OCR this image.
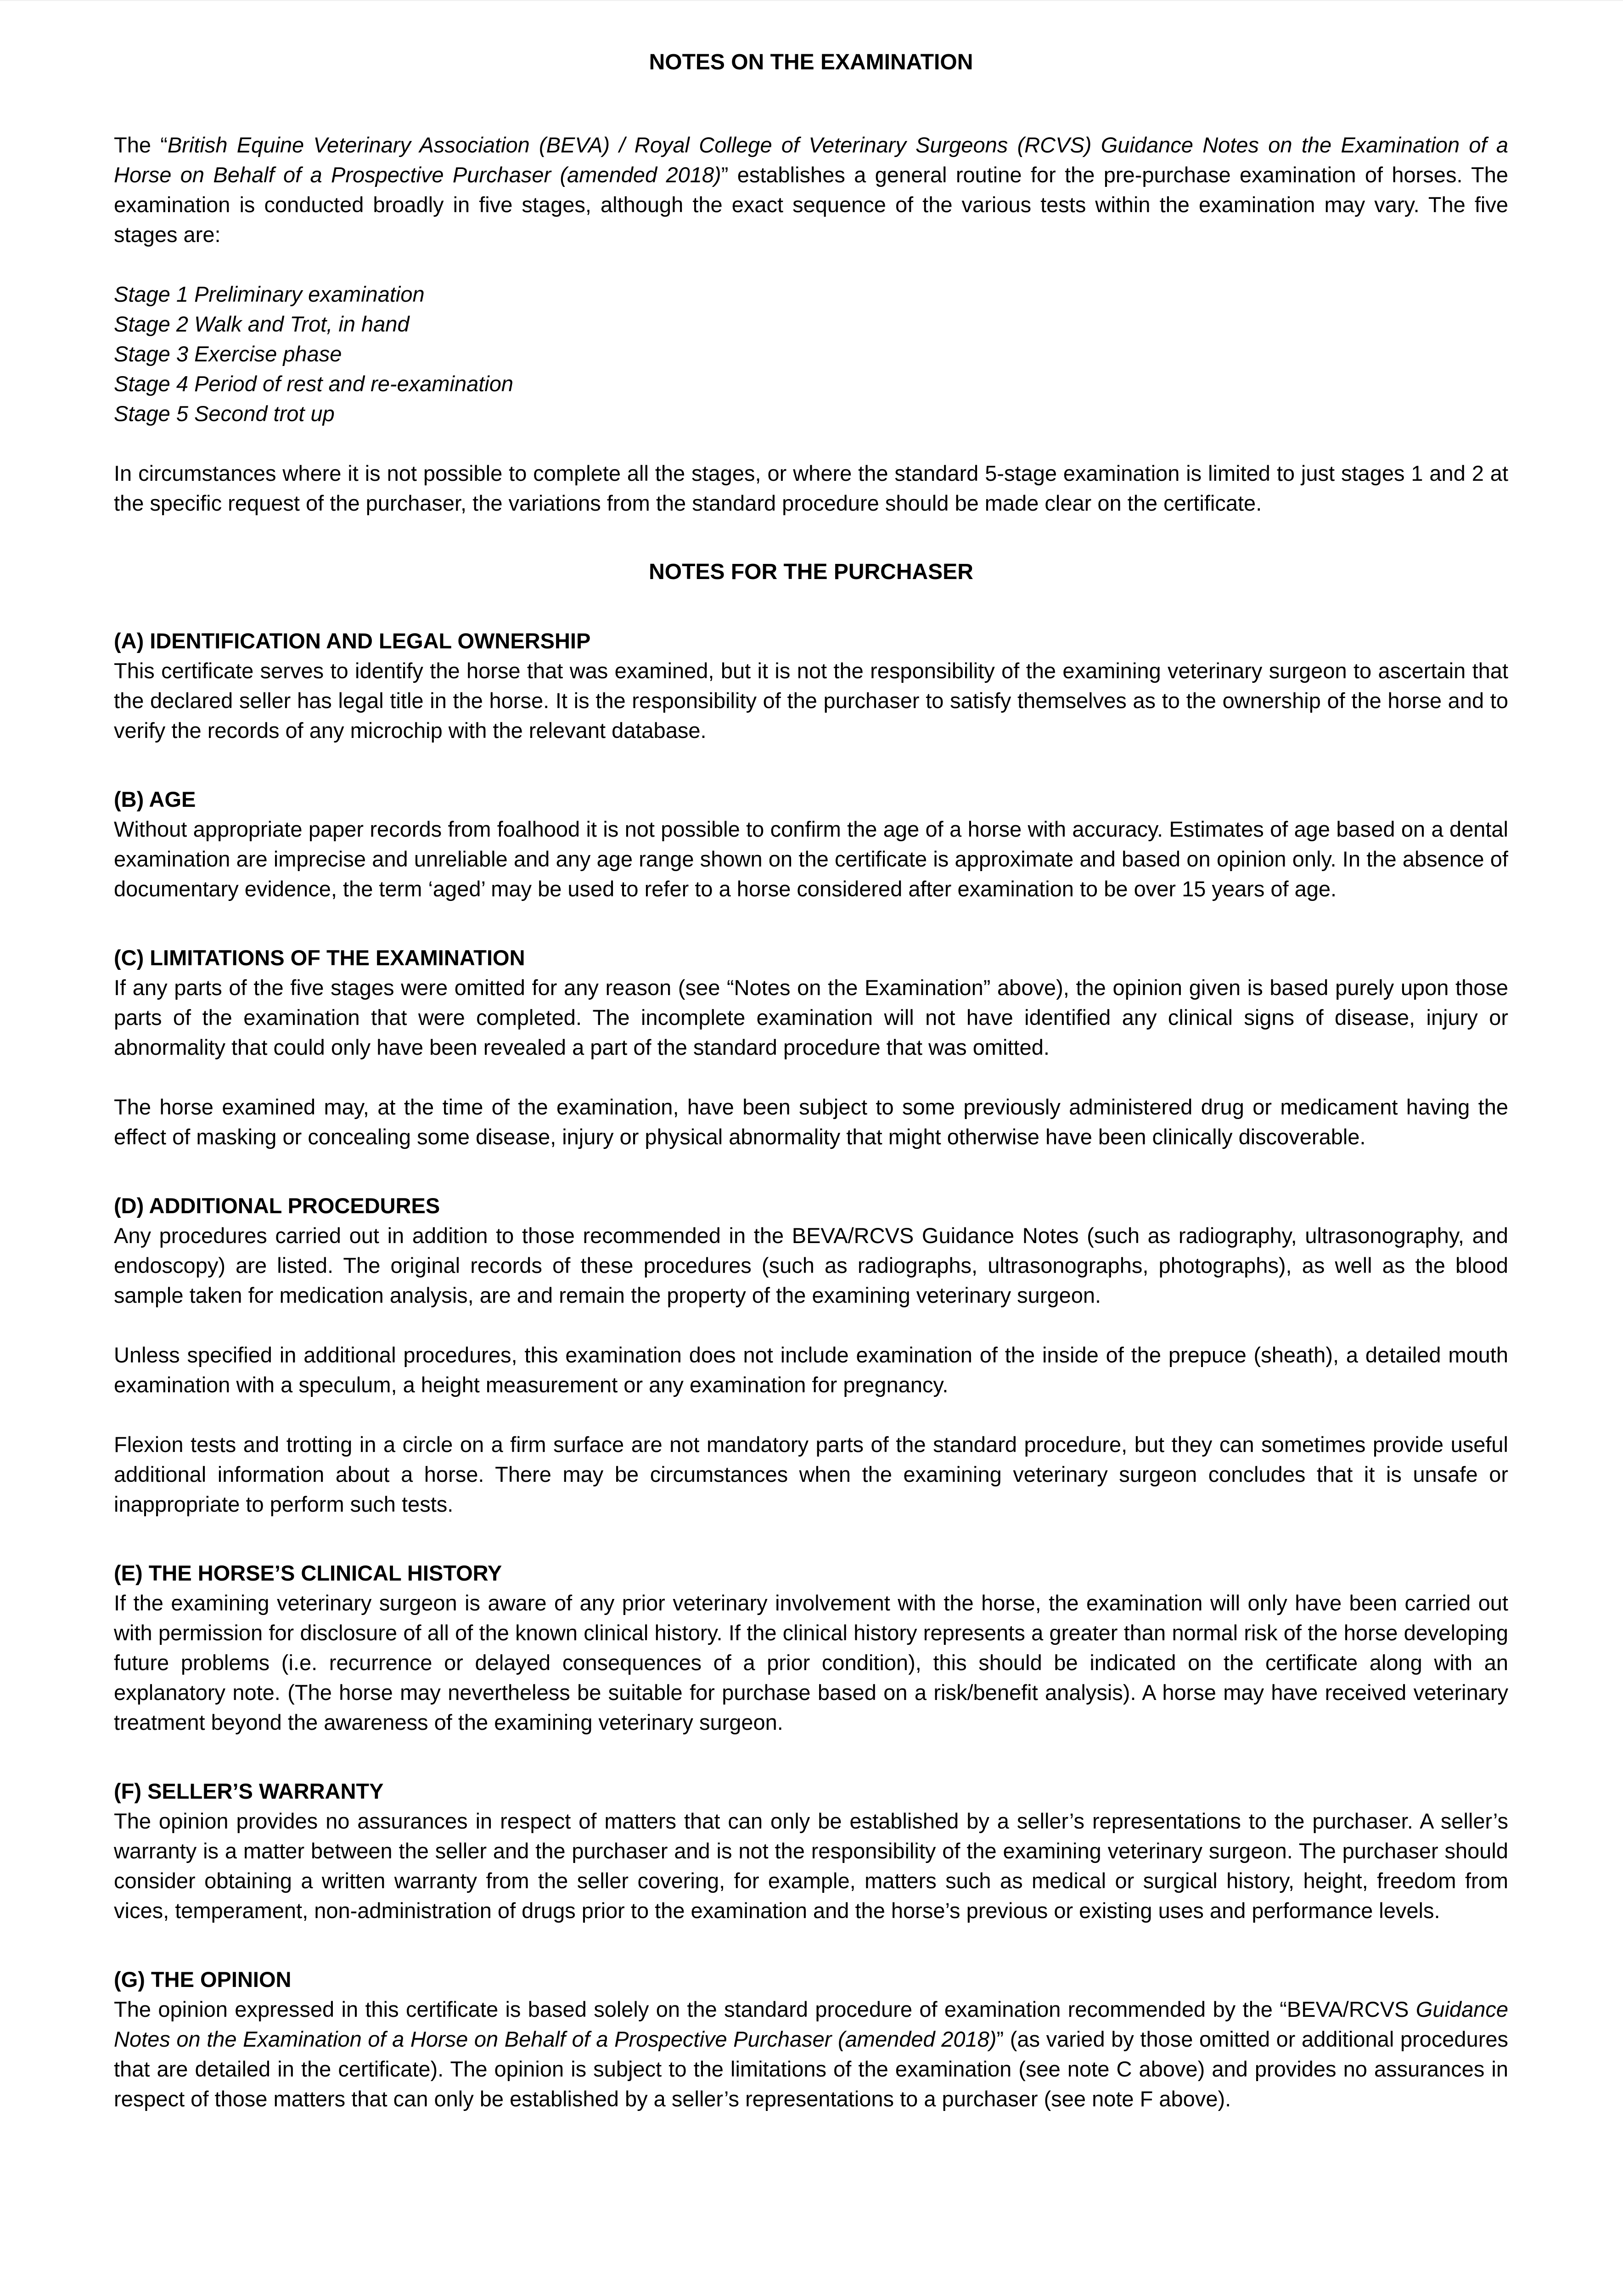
NOTES ON THE EXAMINATION

The “British Equine Veterinary Association (BEVA) / Royal College of Veterinary Surgeons (RCVS) Guidance Notes on the Examination of a Horse on Behalf of a Prospective Purchaser (amended 2018)” establishes a general routine for the pre-purchase examination of horses. The examination is conducted broadly in five stages, although the exact sequence of the various tests within the examination may vary. The five stages are:

Stage 1 Preliminary examination
Stage 2 Walk and Trot, in hand
Stage 3 Exercise phase
Stage 4 Period of rest and re-examination
Stage 5 Second trot up

In circumstances where it is not possible to complete all the stages, or where the standard 5-stage examination is limited to just stages 1 and 2 at the specific request of the purchaser, the variations from the standard procedure should be made clear on the certificate.

NOTES FOR THE PURCHASER
(A) IDENTIFICATION AND LEGAL OWNERSHIP

This certificate serves to identify the horse that was examined, but it is not the responsibility of the examining veterinary surgeon to ascertain that the declared seller has legal title in the horse. It is the responsibility of the purchaser to satisfy themselves as to the ownership of the horse and to verify the records of any microchip with the relevant database.

(B) AGE

Without appropriate paper records from foalhood it is not possible to confirm the age of a horse with accuracy. Estimates of age based on a dental examination are imprecise and unreliable and any age range shown on the certificate is approximate and based on opinion only. In the absence of documentary evidence, the term ‘aged’ may be used to refer to a horse considered after examination to be over 15 years of age.

(C) LIMITATIONS OF THE EXAMINATION

If any parts of the five stages were omitted for any reason (see “Notes on the Examination” above), the opinion given is based purely upon those parts of the examination that were completed. The incomplete examination will not have identified any clinical signs of disease, injury or abnormality that could only have been revealed a part of the standard procedure that was omitted.

The horse examined may, at the time of the examination, have been subject to some previously administered drug or medicament having the effect of masking or concealing some disease, injury or physical abnormality that might otherwise have been clinically discoverable.

(D) ADDITIONAL PROCEDURES

Any procedures carried out in addition to those recommended in the BEVA/RCVS Guidance Notes (such as radiography, ultrasonography, and endoscopy) are listed. The original records of these procedures (such as radiographs, ultrasonographs, photographs), as well as the blood sample taken for medication analysis, are and remain the property of the examining veterinary surgeon.

Unless specified in additional procedures, this examination does not include examination of the inside of the prepuce (sheath), a detailed mouth examination with a speculum, a height measurement or any examination for pregnancy.

Flexion tests and trotting in a circle on a firm surface are not mandatory parts of the standard procedure, but they can sometimes provide useful additional information about a horse. There may be circumstances when the examining veterinary surgeon concludes that it is unsafe or inappropriate to perform such tests.

(E) THE HORSE’S CLINICAL HISTORY

If the examining veterinary surgeon is aware of any prior veterinary involvement with the horse, the examination will only have been carried out with permission for disclosure of all of the known clinical history. If the clinical history represents a greater than normal risk of the horse developing future problems (i.e. recurrence or delayed consequences of a prior condition), this should be indicated on the certificate along with an explanatory note. (The horse may nevertheless be suitable for purchase based on a risk/benefit analysis). A horse may have received veterinary treatment beyond the awareness of the examining veterinary surgeon.

(F) SELLER’S WARRANTY

The opinion provides no assurances in respect of matters that can only be established by a seller’s representations to the purchaser. A seller’s warranty is a matter between the seller and the purchaser and is not the responsibility of the examining veterinary surgeon. The purchaser should consider obtaining a written warranty from the seller covering, for example, matters such as medical or surgical history, height, freedom from vices, temperament, non-administration of drugs prior to the examination and the horse’s previous or existing uses and performance levels.

(G) THE OPINION

The opinion expressed in this certificate is based solely on the standard procedure of examination recommended by the “BEVA/RCVS Guidance Notes on the Examination of a Horse on Behalf of a Prospective Purchaser (amended 2018)” (as varied by those omitted or additional procedures that are detailed in the certificate). The opinion is subject to the limitations of the examination (see note C above) and provides no assurances in respect of those matters that can only be established by a seller’s representations to a purchaser (see note F above).
